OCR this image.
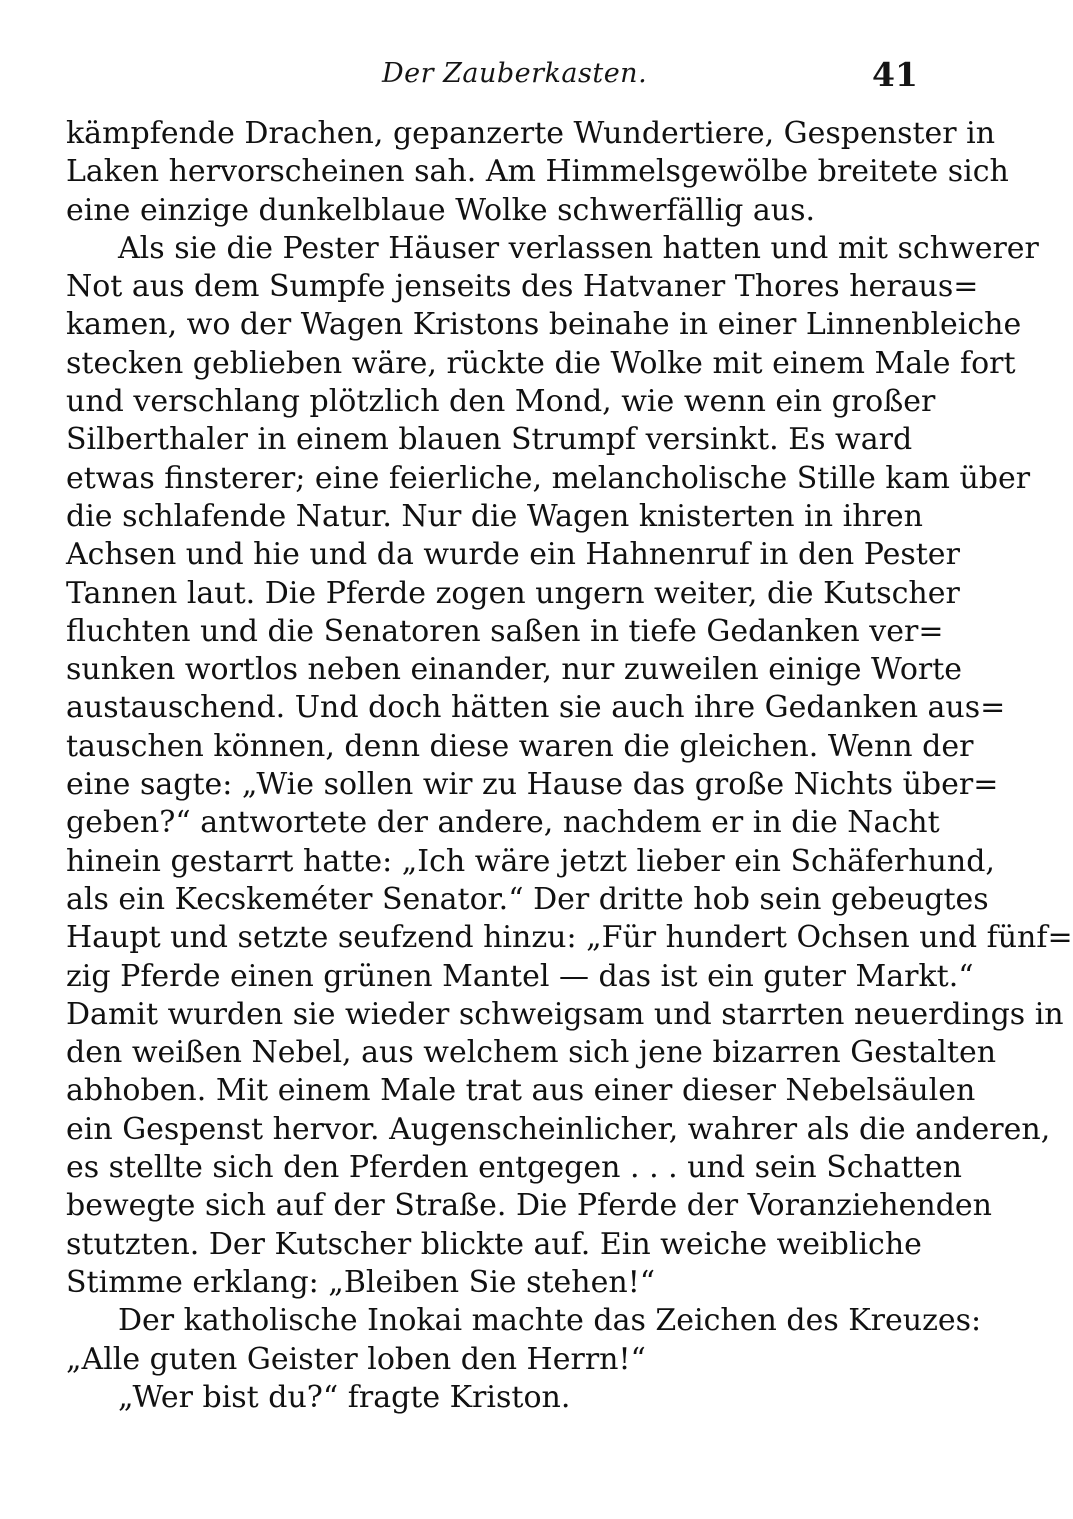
Der Zauberkasten.	41
kämpfende Drachen, gepanzerte Wundertiere, Gespenster in
Laken hervorscheinen sah. Am Himmelsgewölbe breitete sich
eine einzige dunkelblaue Wolke schwerfällig aus.
Als sie die Pester Häuser verlassen hatten und mit schwerer
Not aus dem Sumpfe jenseits des Hatvaner Thores heraus=
kamen, wo der Wagen Kristons beinahe in einer Linnenbleiche
stecken geblieben wäre, rückte die Wolke mit einem Male fort
und verschlang plötzlich den Mond, wie wenn ein großer
Silberthaler in einem blauen Strumpf versinkt. Es ward
etwas finsterer; eine feierliche, melancholische Stille kam über
die schlafende Natur. Nur die Wagen knisterten in ihren
Achsen und hie und da wurde ein Hahnenruf in den Pester
Tannen laut. Die Pferde zogen ungern weiter, die Kutscher
fluchten und die Senatoren saßen in tiefe Gedanken ver=
sunken wortlos neben einander, nur zuweilen einige Worte
austauschend. Und doch hätten sie auch ihre Gedanken aus=
tauschen können, denn diese waren die gleichen. Wenn der
eine sagte: „Wie sollen wir zu Hause das große Nichts über=
geben?“ antwortete der andere, nachdem er in die Nacht
hinein gestarrt hatte: „Ich wäre jetzt lieber ein Schäferhund,
als ein Kecskeméter Senator.“ Der dritte hob sein gebeugtes
Haupt und setzte seufzend hinzu: „Für hundert Ochsen und fünf=
zig Pferde einen grünen Mantel — das ist ein guter Markt.“
Damit wurden sie wieder schweigsam und starrten neuerdings in
den weißen Nebel, aus welchem sich jene bizarren Gestalten
abhoben. Mit einem Male trat aus einer dieser Nebelsäulen
ein Gespenst hervor. Augenscheinlicher, wahrer als die anderen,
es stellte sich den Pferden entgegen . . . und sein Schatten
bewegte sich auf der Straße. Die Pferde der Voranziehenden
stutzten. Der Kutscher blickte auf. Ein weiche weibliche
Stimme erklang: „Bleiben Sie stehen!“
Der katholische Inokai machte das Zeichen des Kreuzes:
„Alle guten Geister loben den Herrn!“
„Wer bist du?“ fragte Kriston.
